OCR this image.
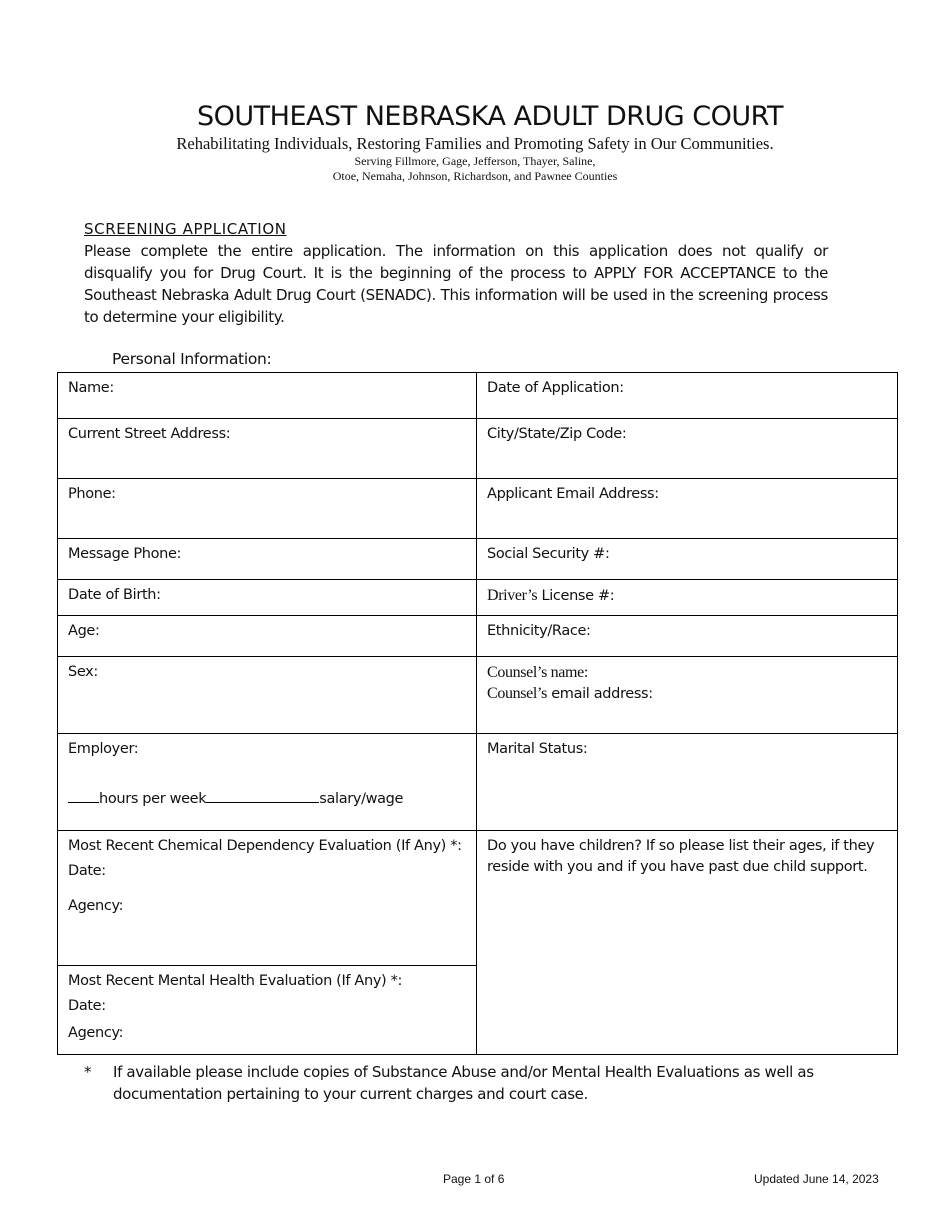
SOUTHEAST NEBRASKA ADULT DRUG COURT
Rehabilitating Individuals, Restoring Families and Promoting Safety in Our Communities.
Serving Fillmore, Gage, Jefferson, Thayer, Saline,
Otoe, Nemaha, Johnson, Richardson, and Pawnee Counties
SCREENING APPLICATION
Please complete the entire application. The information on this application does not qualify or disqualify you for Drug Court. It is the beginning of the process to APPLY FOR ACCEPTANCE to the Southeast Nebraska Adult Drug Court (SENADC). This information will be used in the screening process to determine your eligibility.
Personal Information:
Name:	Date of Application:
Current Street Address:	City/State/Zip Code:
Phone:	Applicant Email Address:
Message Phone:	Social Security #:
Date of Birth:	Driver’s License #:
Age:	Ethnicity/Race:
Sex:	Counsel’s name:
Counsel’s email address:

Employer:
hours per week salary/wage	Marital Status:

Most Recent Chemical Dependency Evaluation (If Any) *:
Date:
Agency:	Do you have children? If so please list their ages, if they reside with you and if you have past due child support.

Most Recent Mental Health Evaluation (If Any) *:
Date:
Agency:	
*	If available please include copies of Substance Abuse and/or Mental Health Evaluations as well as documentation pertaining to your current charges and court case.
Page 1 of 6	Updated June 14, 2023
